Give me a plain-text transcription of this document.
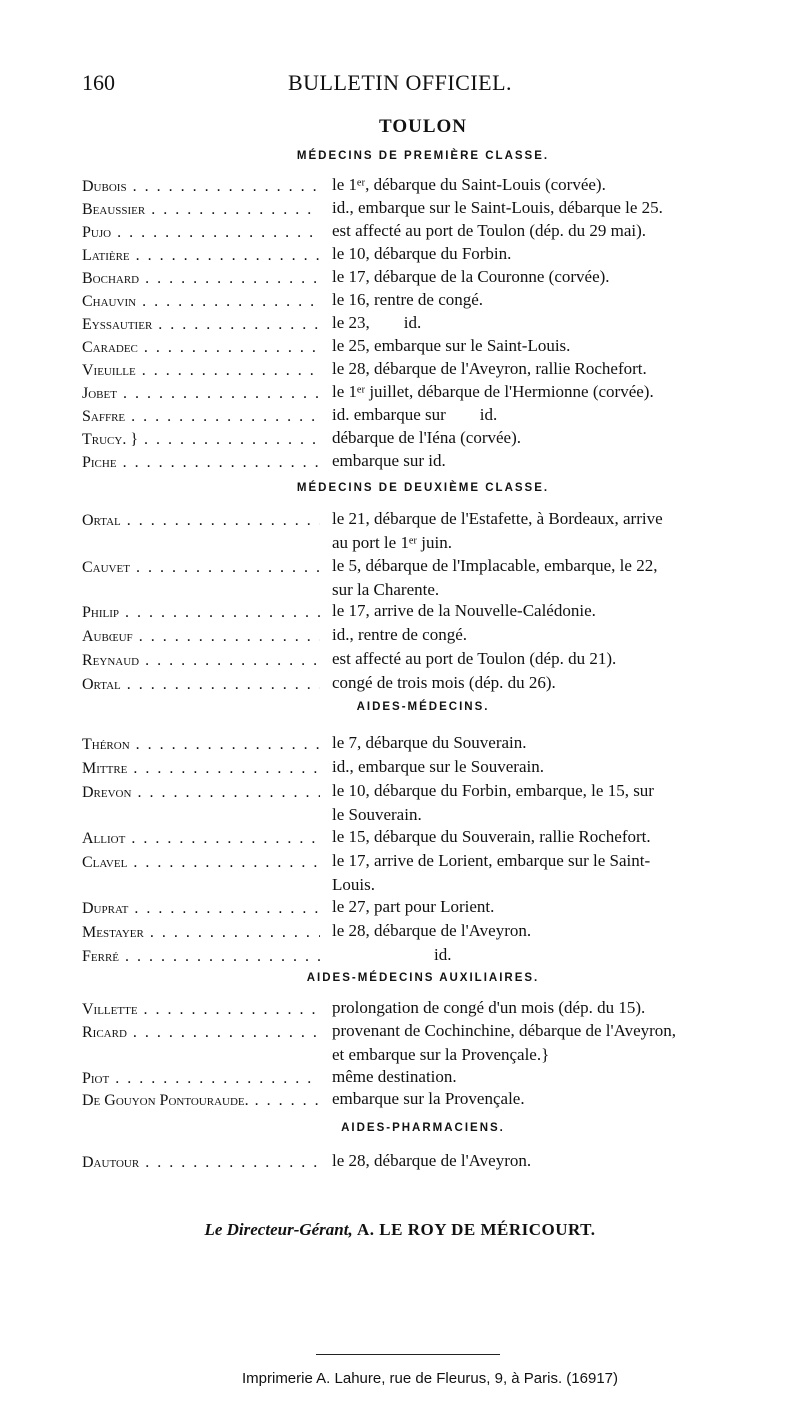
160	BULLETIN OFFICIEL.
TOULON
MÉDECINS DE PREMIÈRE CLASSE.
Dubois . . .	le 1ᵉʳ, débarque du Saint-Louis (corvée).
Beaussier . . .	id., embarque sur le Saint-Louis, débarque le 25.
Pujo . . .	est affecté au port de Toulon (dép. du 29 mai).
Latière . . .	le 10, débarque du Forbin.
Bochard . . .	le 17, débarque de la Couronne (corvée).
Chauvin . . .	le 16, rentre de congé.
Eyssautier . . .	le 23,        id.
Caradec . . .	le 25, embarque sur le Saint-Louis.
Vieuille . . .	le 28, débarque de l'Aveyron, rallie Rochefort.
Jobet . . .	le 1ᵉʳ juillet, débarque de l'Hermionne (corvée).
Saffre . . .	id. embarque sur        id.
Trucy. } . . .	débarque de l'Iéna (corvée).
Piche . . .	embarque sur id.
MÉDECINS DE DEUXIÈME CLASSE.
Ortal . . .	le 21, débarque de l'Estafette, à Bordeaux, arrive
au port le 1ᵉʳ juin.
Cauvet . . .	le 5, débarque de l'Implacable, embarque, le 22,
sur la Charente.
Philip . . .	le 17, arrive de la Nouvelle-Calédonie.
Aubœuf . . .	id., rentre de congé.
Reynaud . . .	est affecté au port de Toulon (dép. du 21).
Ortal . . .	congé de trois mois (dép. du 26).
AIDES-MÉDECINS.
Théron . . .	le 7, débarque du Souverain.
Mittre . . .	id., embarque sur le Souverain.
Drevon . . .	le 10, débarque du Forbin, embarque, le 15, sur
le Souverain.
Alliot . . .	le 15, débarque du Souverain, rallie Rochefort.
Clavel . . .	le 17, arrive de Lorient, embarque sur le Saint-
Louis.
Duprat . . .	le 27, part pour Lorient.
Mestayer . . .	le 28, débarque de l'Aveyron.
Ferré . . .	id.
AIDES-MÉDECINS AUXILIAIRES.
Villette . . .	prolongation de congé d'un mois (dép. du 15).
Ricard . . .	provenant de Cochinchine, débarque de l'Aveyron,
et embarque sur la Provençale.}
Piot . . .	même destination.
De Gouyon Pontouraude. . . .	embarque sur la Provençale.
AIDES-PHARMACIENS.
Dautour . . .	le 28, débarque de l'Aveyron.
Le Directeur-Gérant, A. LE ROY DE MÉRICOURT.
Imprimerie A. Lahure, rue de Fleurus, 9, à Paris. (16917)
